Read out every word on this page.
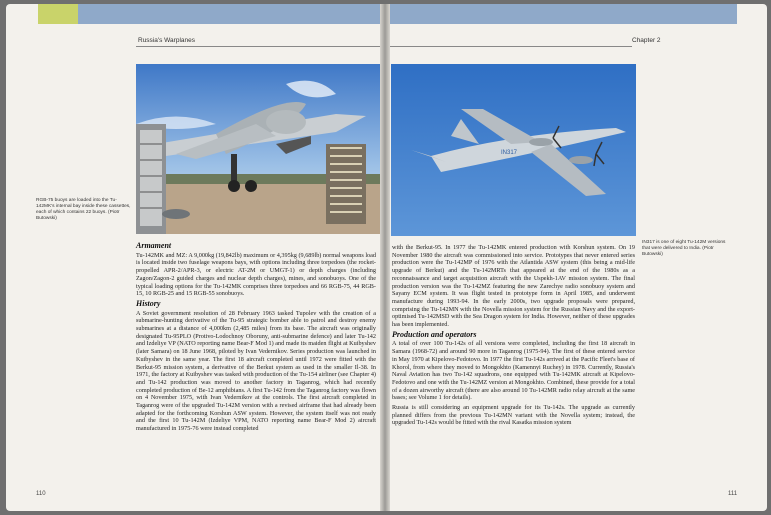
Russia's Warplanes
RGB-75 buoys are loaded into the Tu-142MK's internal bay inside these cassettes, each of which contains 22 buoys. (Piotr Butowski)
Armament

Tu-142MK and MZ: A 9,000kg (19,842lb) maximum or 4,395kg (9,689lb) normal weapons load is located inside two fuselage weapons bays, with options including three torpedoes (the rocket-propelled APR-2/APR-3, or electric AT-2M or UMGT-1) or depth charges (including Zagon/Zagon-2 guided charges and nuclear depth charges), mines, and sonobuoys. One of the typical loading options for the Tu-142MK comprises three torpedoes and 66 RGB-75, 44 RGB-15, 10 RGB-25 and 15 RGB-55 sonobuoys.

History

A Soviet government resolution of 28 February 1963 tasked Tupolev with the creation of a submarine-hunting derivative of the Tu-95 strategic bomber able to patrol and destroy enemy submarines at a distance of 4,000km (2,485 miles) from its base. The aircraft was originally designated Tu-95PLO (Protivo-Lodochnoy Oboruny, anti-submarine defence) and later Tu-142 and Izdeliye VP (NATO reporting name Bear-F Mod 1) and made its maiden flight at Kuibyshev (later Samara) on 18 June 1968, piloted by Ivan Vedernikov. Series production was launched in Kuibyshev in the same year. The first 18 aircraft completed until 1972 were fitted with the Berkut-95 mission system, a derivative of the Berkut system as used in the smaller Il-38. In 1971, the factory at Kuibyshev was tasked with production of the Tu-154 airliner (see Chapter 4) and Tu-142 production was moved to another factory in Taganrog, which had recently completed production of Be-12 amphibians. A first Tu-142 from the Taganrog factory was flown on 4 November 1975, with Ivan Vedernikov at the controls. The first aircraft completed in Taganrog were of the upgraded Tu-142M version with a revised airframe that had already been adapted for the forthcoming Korshun ASW system. However, the system itself was not ready and the first 10 Tu-142M (Izdeliye VPM, NATO reporting name Bear-F Mod 2) aircraft manufactured in 1975-76 were instead completed

110
Chapter 2
IN317
IN317 is one of eight Tu-142M versions that were delivered to India. (Piotr Butowski)

with the Berkut-95. In 1977 the Tu-142MK entered production with Korshun system. On 19 November 1980 the aircraft was commissioned into service. Prototypes that never entered series production were the Tu-142MP of 1976 with the Atlantida ASW system (this being a mid-life upgrade of Berkut) and the Tu-142MRTs that appeared at the end of the 1980s as a reconnaissance and target acquisition aircraft with the Uspekh-1AV mission system. The final production version was the Tu-142MZ featuring the new Zarechye radio sonobuoy system and Sayany ECM system. It was flight tested in prototype form in April 1985, and underwent manufacture during 1993-94. In the early 2000s, two upgrade proposals were prepared, comprising the Tu-142MN with the Novella mission system for the Russian Navy and the export-optimised Tu-142MSD with the Sea Dragon system for India. However, neither of these upgrades has been implemented.

Production and operators

A total of over 100 Tu-142s of all versions were completed, including the first 18 aircraft in Samara (1968-72) and around 90 more in Taganrog (1975-94). The first of these entered service in May 1970 at Kipelovo-Fedotovo. In 1977 the first Tu-142s arrived at the Pacific Fleet's base of Khorol, from where they moved to Mongokhto (Kamennyi Ruchey) in 1978. Currently, Russia's Naval Aviation has two Tu-142 squadrons, one equipped with Tu-142MK aircraft at Kipelovo-Fedotovo and one with the Tu-142MZ version at Mongokhto. Combined, these provide for a total of a dozen airworthy aircraft (there are also around 10 Tu-142MR radio relay aircraft at the same bases; see Volume 1 for details).

Russia is still considering an equipment upgrade for its Tu-142s. The upgrade as currently planned differs from the previous Tu-142MN variant with the Novella system; instead, the upgraded Tu-142s would be fitted with the rival Kasatka mission system

111
